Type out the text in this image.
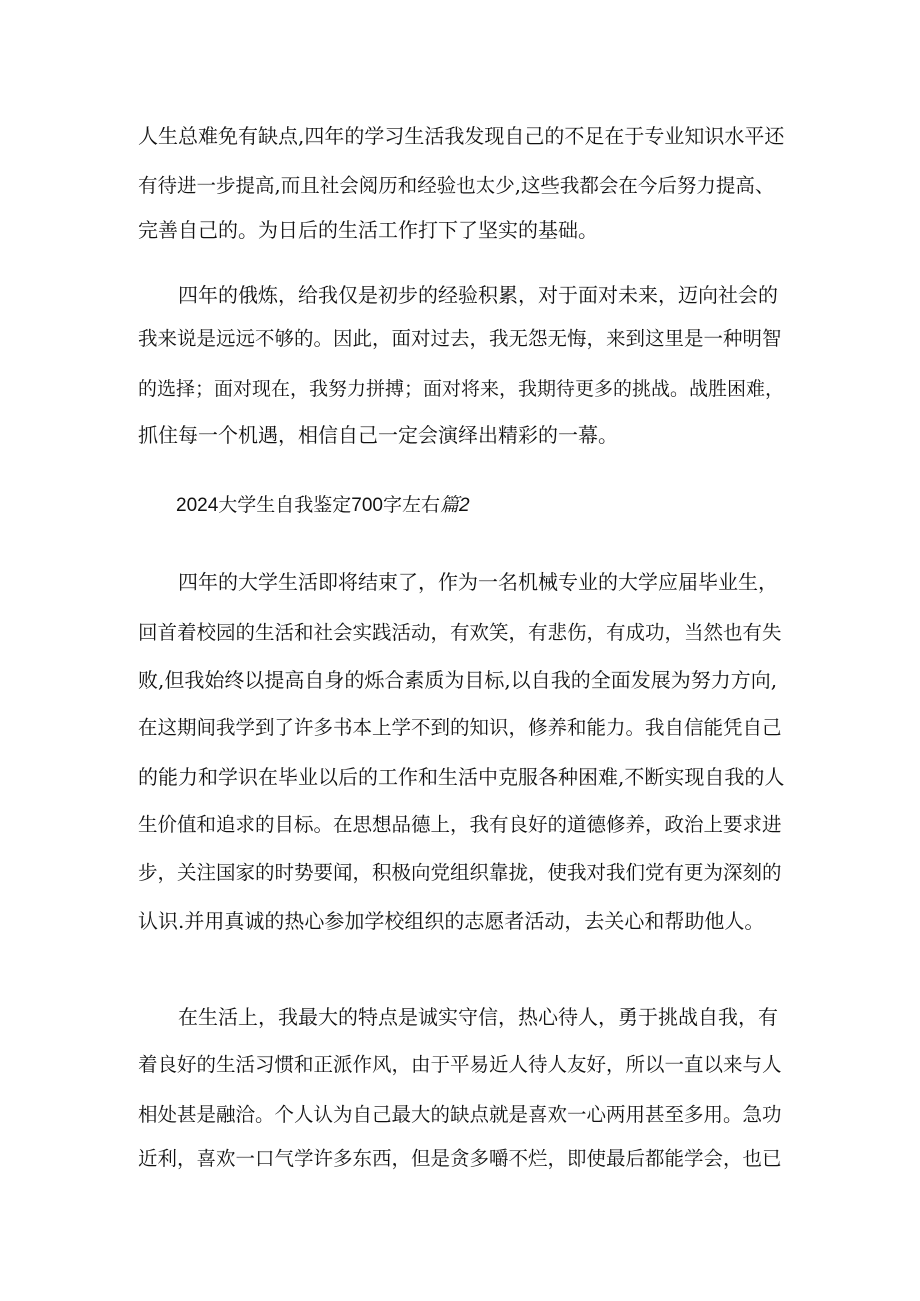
人生总难免有缺点,四年的学习生活我发现自己的不足在于专业知识水平还

有待进一步提高,而且社会阅历和经验也太少,这些我都会在今后努力提高、

完善自己的。为日后的生活工作打下了坚实的基础。

四年的俄炼，给我仅是初步的经验积累，对于面对未来，迈向社会的

我来说是远远不够的。因此，面对过去，我无怨无悔，来到这里是一种明智

的选择；面对现在，我努力拼搏；面对将来，我期待更多的挑战。战胜困难，

抓住每一个机遇，相信自己一定会演绎出精彩的一幕。

2024大学生自我鉴定700字左右篇2

四年的大学生活即将结束了，作为一名机械专业的大学应届毕业生，

回首着校园的生活和社会实践活动，有欢笑，有悲伤，有成功，当然也有失

败,但我始终以提高自身的烁合素质为目标,以自我的全面发展为努力方向,

在这期间我学到了许多书本上学不到的知识，修养和能力。我自信能凭自己

的能力和学识在毕业以后的工作和生活中克服各种困难,不断实现自我的人

生价值和追求的目标。在思想品德上，我有良好的道德修养，政治上要求进

步，关注国家的时势要闻，积极向党组织靠拢，使我对我们党有更为深刻的

认识.并用真诚的热心参加学校组织的志愿者活动，去关心和帮助他人。

在生活上，我最大的特点是诚实守信，热心待人，勇于挑战自我，有

着良好的生活习惯和正派作风，由于平易近人待人友好，所以一直以来与人

相处甚是融洽。个人认为自己最大的缺点就是喜欢一心两用甚至多用。急功

近利，喜欢一口气学许多东西，但是贪多嚼不烂，即使最后都能学会，也已
